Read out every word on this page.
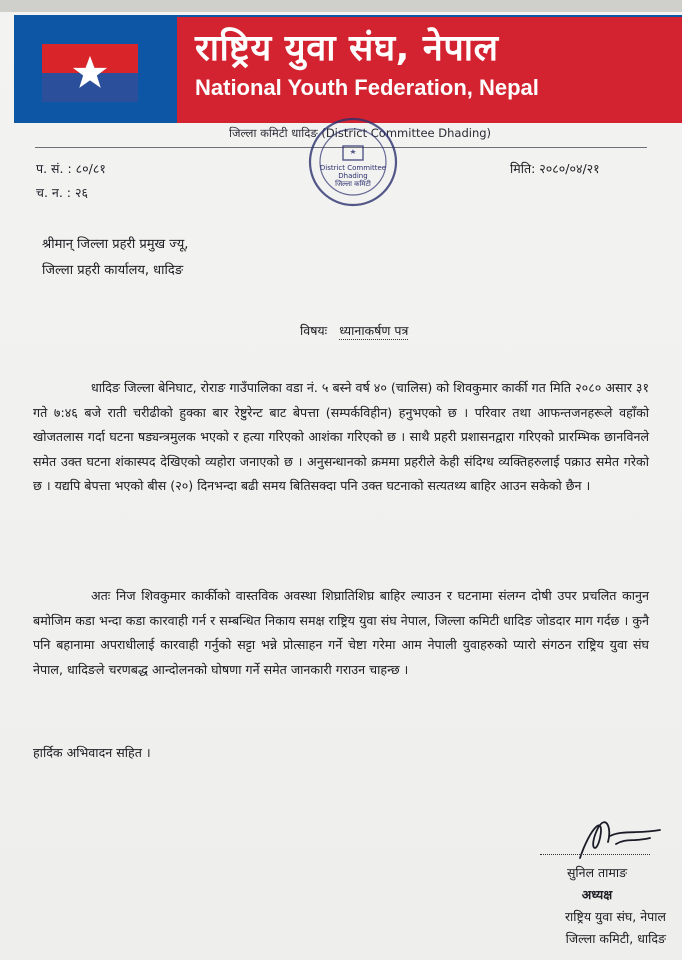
राष्ट्रिय युवा संघ, नेपाल
National Youth Federation, Nepal
जिल्ला कमिटी धादिङ (District Committee Dhading)
District Committee
Dhading
जिल्ला कमिटी
प. सं. : ८०/८१
च. न. : २६
मिति: २०८०/०४/२१
श्रीमान् जिल्ला प्रहरी प्रमुख ज्यू,
जिल्ला प्रहरी कार्यालय, धादिङ
विषयः ध्यानाकर्षण पत्र
धादिङ जिल्ला बेनिघाट, रोराङ गाउँपालिका वडा नं. ५ बस्ने वर्ष ४० (चालिस) को शिवकुमार कार्की गत मिति २०८० असार ३१ गते ७:४६ बजे राती चरीढीको हुक्का बार रेष्टुरेन्ट बाट बेपत्ता (सम्पर्कविहीन) हनुभएको छ । परिवार तथा आफन्तजनहरूले वहाँको खोजतलास गर्दा घटना षड्यन्त्रमुलक भएको र हत्या गरिएको आशंका गरिएको छ । साथै प्रहरी प्रशासनद्वारा गरिएको प्रारम्भिक छानविनले समेत उक्त घटना शंकास्पद देखिएको व्यहोरा जनाएको छ । अनुसन्धानको क्रममा प्रहरीले केही संदिग्ध व्यक्तिहरुलाई पक्राउ समेत गरेको छ । यद्यपि बेपत्ता भएको बीस (२०) दिनभन्दा बढी समय बितिसक्दा पनि उक्त घटनाको सत्यतथ्य बाहिर आउन सकेको छैन ।
अतः निज शिवकुमार कार्कीको वास्तविक अवस्था शिघ्रातिशिघ्र बाहिर ल्याउन र घटनामा संलग्न दोषी उपर प्रचलित कानुन बमोजिम कडा भन्दा कडा कारवाही गर्न र सम्बन्धित निकाय समक्ष राष्ट्रिय युवा संघ नेपाल, जिल्ला कमिटी धादिङ जोडदार माग गर्दछ । कुनै पनि बहानामा अपराधीलाई कारवाही गर्नुको सट्टा भन्ने प्रोत्साहन गर्ने चेष्टा गरेमा आम नेपाली युवाहरुको प्यारो संगठन राष्ट्रिय युवा संघ नेपाल, धादिङले चरणबद्ध आन्दोलनको घोषणा गर्ने समेत जानकारी गराउन चाहन्छ ।
हार्दिक अभिवादन सहित ।
सुनिल तामाङ
अध्यक्ष
राष्ट्रिय युवा संघ, नेपाल
जिल्ला कमिटी, धादिङ
